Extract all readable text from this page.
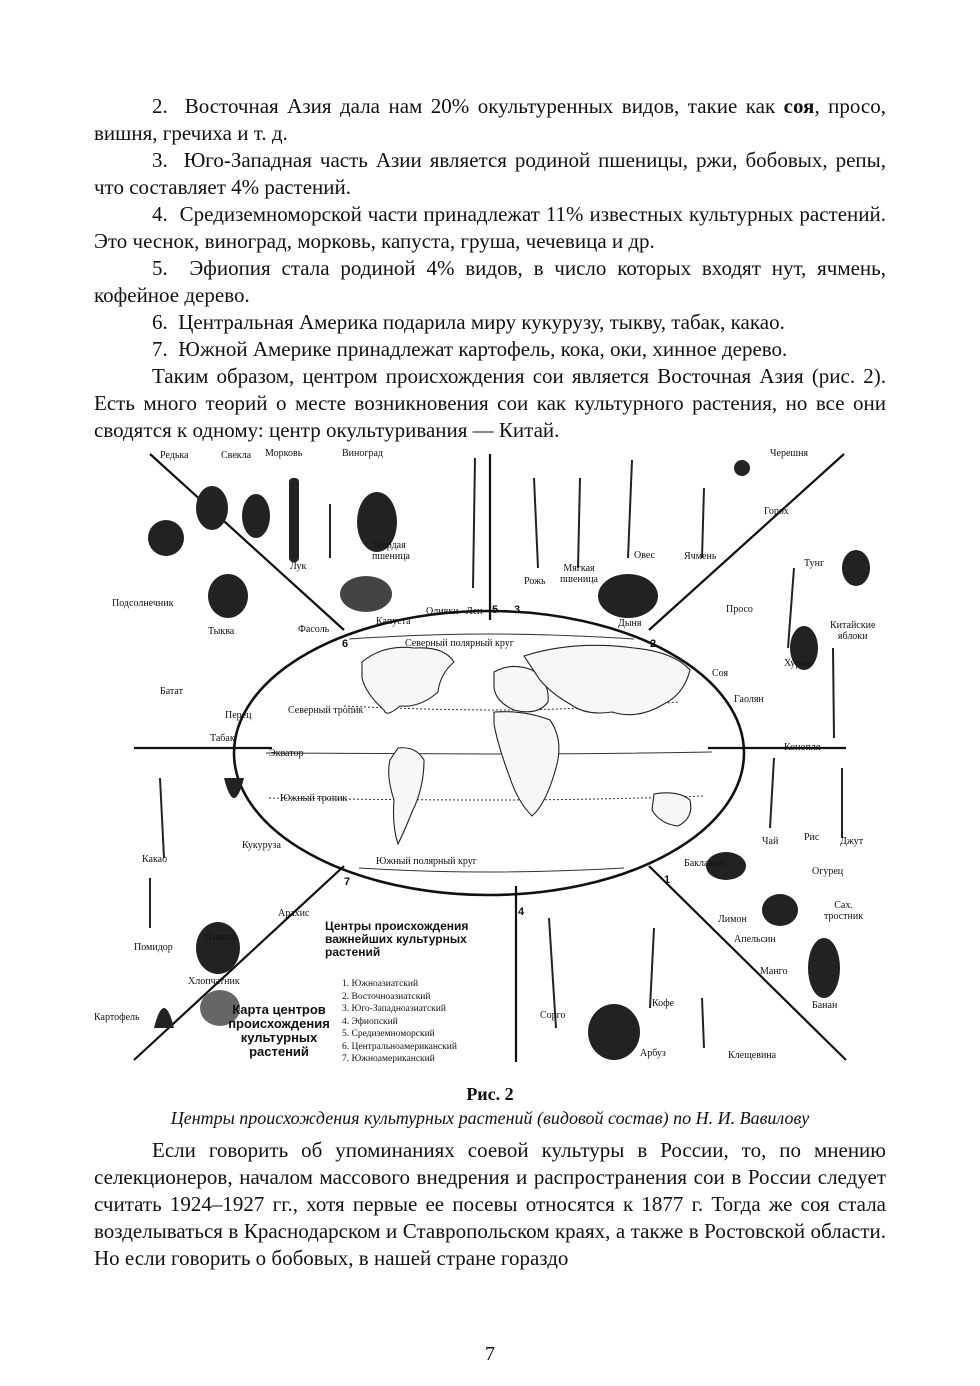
2. Восточная Азия дала нам 20% окультуренных видов, такие как соя, просо, вишня, гречиха и т. д.

3. Юго-Западная часть Азии является родиной пшеницы, ржи, бобовых, репы, что составляет 4% растений.

4. Средиземноморской части принадлежат 11% известных культурных растений. Это чеснок, виноград, морковь, капуста, груша, чечевица и др.

5. Эфиопия стала родиной 4% видов, в число которых входят нут, ячмень, кофейное дерево.

6. Центральная Америка подарила миру кукурузу, тыкву, табак, какао.

7. Южной Америке принадлежат картофель, кока, оки, хинное дерево.

Таким образом, центром происхождения сои является Восточная Азия (рис. 2). Есть много теорий о месте возникновения сои как культурного растения, но все они сводятся к одному: центр окультуривания — Китай.

Редька	Свекла Морковь	Виноград
Твердая
пшеница
Лук
Капуста
Оливки Лен
Рожь
Мягкая
пшеница
Овес	Ячмень
Дыня
Черешня
Горох
Тунг
Просо
Китайские
яблоки
Хурма
Соя
Гаолян
Конопля
Подсолнечник
Тыква	Фасоль
Батат
Перец
Табак
Какао
Кукуруза
Помидор
Ананас
Арахис
Хлопчатник
Картофель	Сорго
Кофе
Арбуз	Клещевина
Чай	Рис Джут
Баклажан
Огурец
Лимон
Сах.
тростник
Апельсин
Манго
Банан
Северный полярный круг
Северный тропик
Экватор
Южный тропик
Южный полярный круг
6
5 3
2
7
4
1
Центры происхождения
важнейших культурных
растений
1. Южноазиатский
2. Восточноазиатский
3. Юго-Западноазиатский
4. Эфиопский
5. Средиземноморский
6. Центральноамериканский
7. Южноамериканский
Карта центров
происхождения
культурных
растений
Рис. 2
Центры происхождения культурных растений (видовой состав) по Н. И. Вавилову

Если говорить об упоминаниях соевой культуры в России, то, по мнению селекционеров, началом массового внедрения и распространения сои в России следует считать 1924–1927 гг., хотя первые ее посевы относятся к 1877 г. Тогда же соя стала возделываться в Краснодарском и Ставропольском краях, а также в Ростовской области. Но если говорить о бобовых, в нашей стране гораздо

7
